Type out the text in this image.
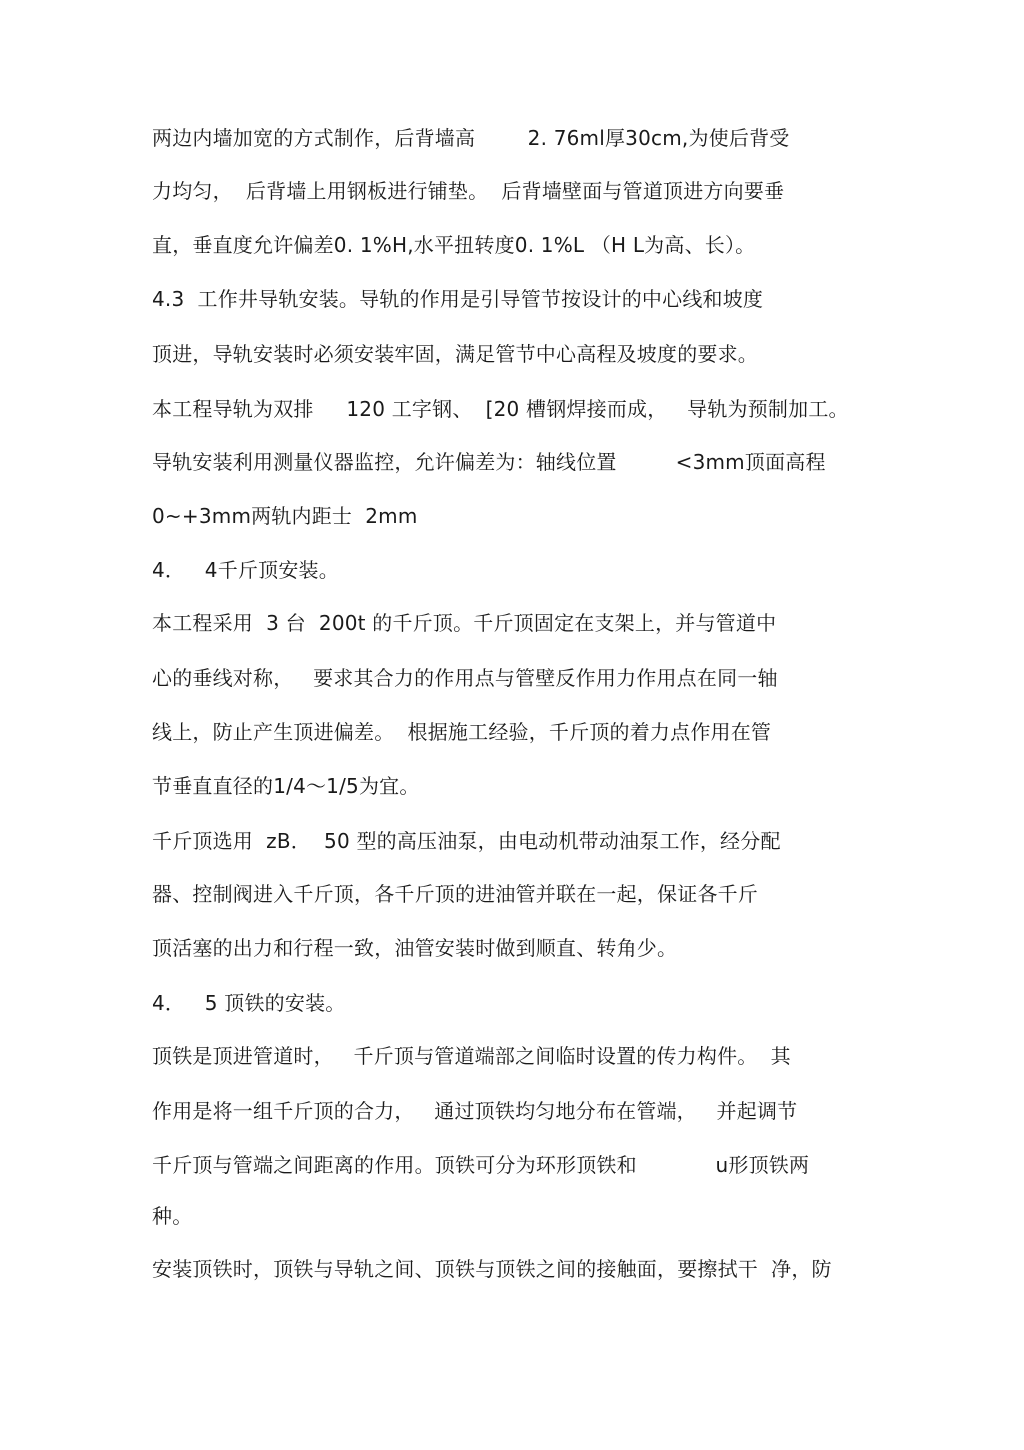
两边内墙加宽的方式制作，后背墙高        2. 76ml厚30cm,为使后背受
力均匀，  后背墙上用钢板进行铺垫。  后背墙壁面与管道顶进方向要垂
直，垂直度允许偏差0. 1%H,水平扭转度0. 1%L （H L为高、长）。
4.3  工作井导轨安装。导轨的作用是引导管节按设计的中心线和坡度
顶进，导轨安装时必须安装牢固，满足管节中心高程及坡度的要求。
本工程导轨为双排     120 工字钢、  [20 槽钢焊接而成，   导轨为预制加工。
导轨安装利用测量仪器监控，允许偏差为：轴线位置         <3mm顶面高程
0~+3mm两轨内距士  2mm
4．   4千斤顶安装。
本工程采用  3 台  200t 的千斤顶。千斤顶固定在支架上，并与管道中
心的垂线对称，   要求其合力的作用点与管壁反作用力作用点在同一轴
线上，防止产生顶进偏差。  根据施工经验，千斤顶的着力点作用在管
节垂直直径的1/4～1/5为宜。
千斤顶选用  zB．  50 型的高压油泵，由电动机带动油泵工作，经分配
器、控制阀进入千斤顶，各千斤顶的进油管并联在一起，保证各千斤
顶活塞的出力和行程一致，油管安装时做到顺直、转角少。
4．   5 顶铁的安装。
顶铁是顶进管道时，   千斤顶与管道端部之间临时设置的传力构件。  其
作用是将一组千斤顶的合力，   通过顶铁均匀地分布在管端，   并起调节
千斤顶与管端之间距离的作用。顶铁可分为环形顶铁和            u形顶铁两
种。
安装顶铁时，顶铁与导轨之间、顶铁与顶铁之间的接触面，要擦拭干  净，防
